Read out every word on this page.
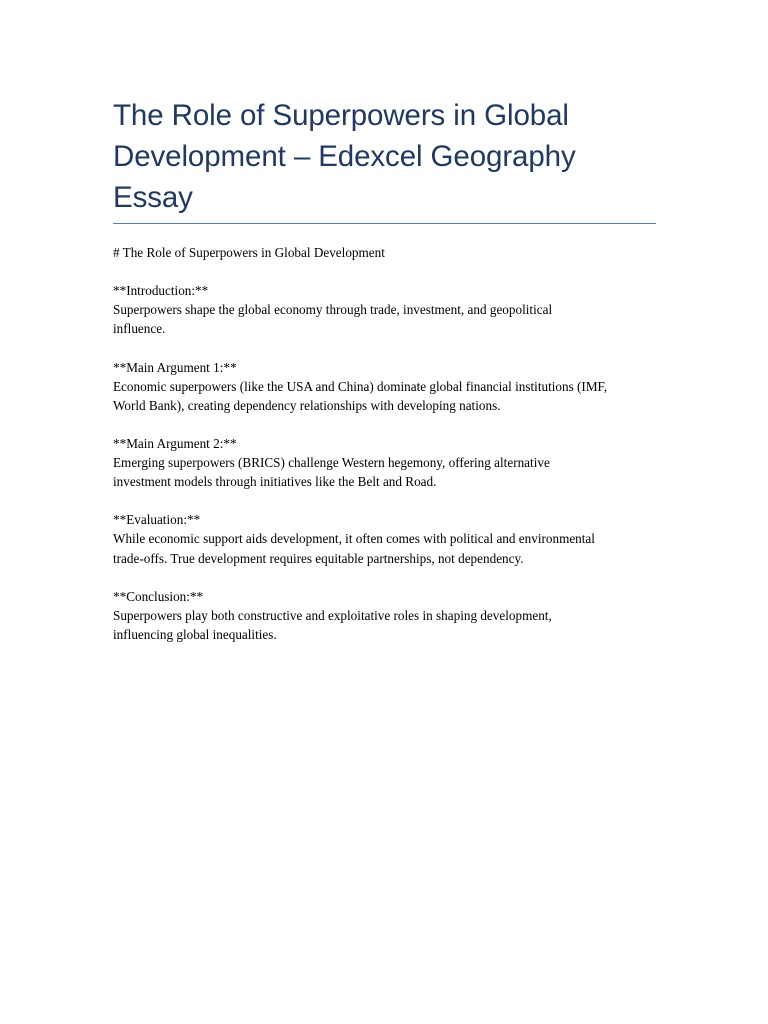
The Role of Superpowers in Global
Development – Edexcel Geography
Essay
# The Role of Superpowers in Global Development
**Introduction:**
Superpowers shape the global economy through trade, investment, and geopolitical
influence.
**Main Argument 1:**
Economic superpowers (like the USA and China) dominate global financial institutions (IMF,
World Bank), creating dependency relationships with developing nations.
**Main Argument 2:**
Emerging superpowers (BRICS) challenge Western hegemony, offering alternative
investment models through initiatives like the Belt and Road.
**Evaluation:**
While economic support aids development, it often comes with political and environmental
trade-offs. True development requires equitable partnerships, not dependency.
**Conclusion:**
Superpowers play both constructive and exploitative roles in shaping development,
influencing global inequalities.
